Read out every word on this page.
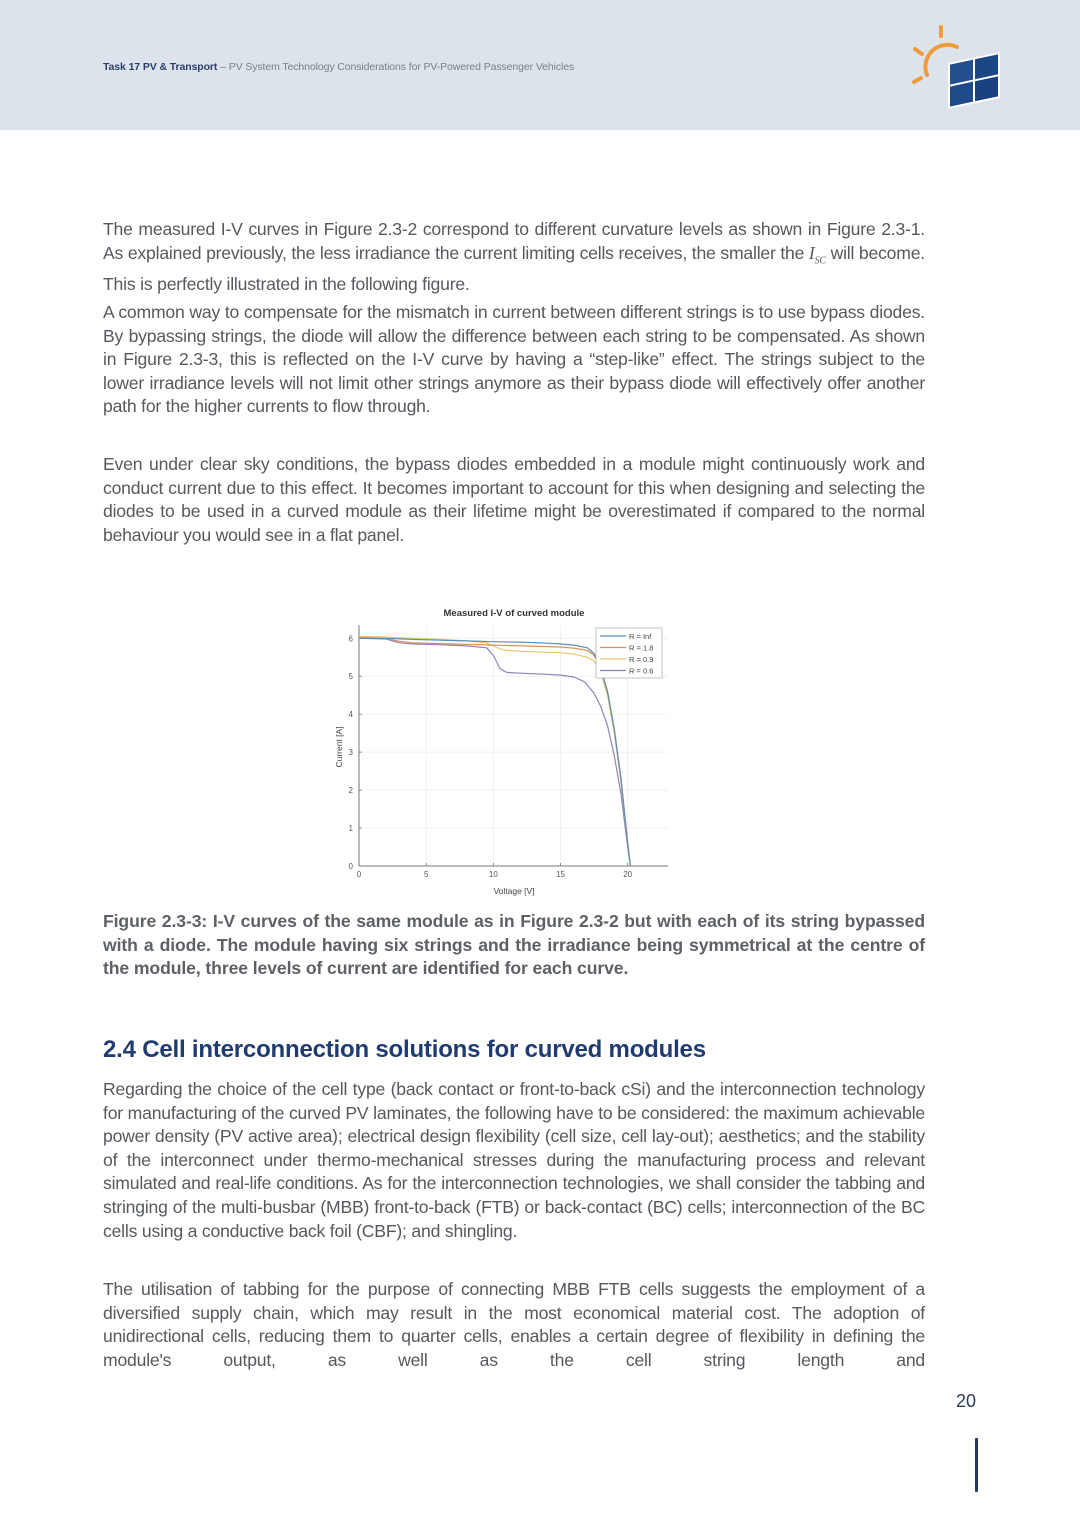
Task 17 PV & Transport – PV System Technology Considerations for PV-Powered Passenger Vehicles

The measured I-V curves in Figure 2.3-2 correspond to different curvature levels as shown in Figure 2.3-1. As explained previously, the less irradiance the current limiting cells receives, the smaller the $I_{SC}$ will become. This is perfectly illustrated in the following figure.

A common way to compensate for the mismatch in current between different strings is to use bypass diodes. By bypassing strings, the diode will allow the difference between each string to be compensated. As shown in Figure 2.3-3, this is reflected on the I-V curve by having a “step-like” effect. The strings subject to the lower irradiance levels will not limit other strings anymore as their bypass diode will effectively offer another path for the higher currents to flow through.

Even under clear sky conditions, the bypass diodes embedded in a module might continuously work and conduct current due to this effect. It becomes important to account for this when designing and selecting the diodes to be used in a curved module as their lifetime might be overestimated if compared to the normal behaviour you would see in a flat panel.

Measured I-V of curved module
0	5	10	15	20
0
1
2
3
4
5
6	R = Inf
R = 1.8
R = 0.9
R = 0.6
Voltage [V]
Current [A]

Figure 2.3-3: I-V curves of the same module as in Figure 2.3-2 but with each of its string bypassed with a diode. The module having six strings and the irradiance being symmetrical at the centre of the module, three levels of current are identified for each curve.

2.4 Cell interconnection solutions for curved modules

Regarding the choice of the cell type (back contact or front-to-back cSi) and the interconnection technology for manufacturing of the curved PV laminates, the following have to be considered: the maximum achievable power density (PV active area); electrical design flexibility (cell size, cell lay-out); aesthetics; and the stability of the interconnect under thermo-mechanical stresses during the manufacturing process and relevant simulated and real-life conditions. As for the interconnection technologies, we shall consider the tabbing and stringing of the multi-busbar (MBB) front-to-back (FTB) or back-contact (BC) cells; interconnection of the BC cells using a conductive back foil (CBF); and shingling.

The utilisation of tabbing for the purpose of connecting MBB FTB cells suggests the employment of a diversified supply chain, which may result in the most economical material cost. The adoption of unidirectional cells, reducing them to quarter cells, enables a certain degree of flexibility in defining the module's output, as well as the cell string length and

20
